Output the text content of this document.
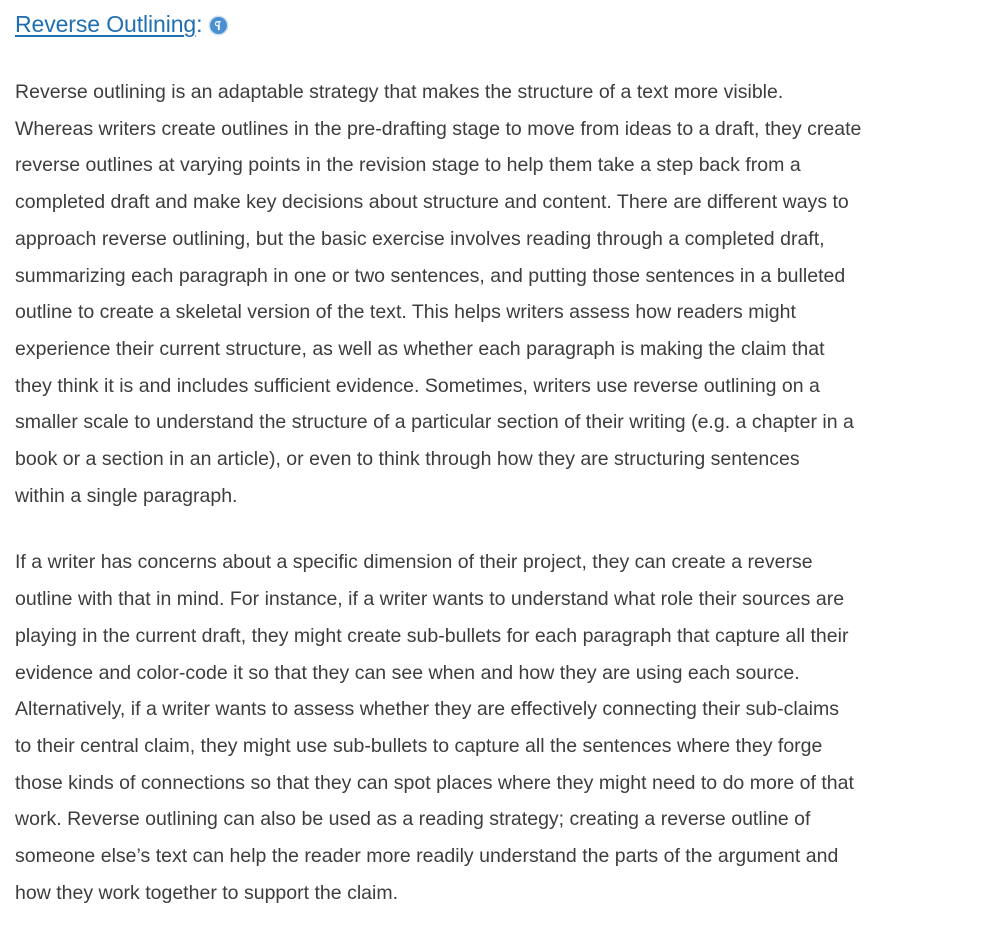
Reverse Outlining :

Reverse outlining is an adaptable strategy that makes the structure of a text more visible.
Whereas writers create outlines in the pre-drafting stage to move from ideas to a draft, they create
reverse outlines at varying points in the revision stage to help them take a step back from a
completed draft and make key decisions about structure and content. There are different ways to
approach reverse outlining, but the basic exercise involves reading through a completed draft,
summarizing each paragraph in one or two sentences, and putting those sentences in a bulleted
outline to create a skeletal version of the text. This helps writers assess how readers might
experience their current structure, as well as whether each paragraph is making the claim that
they think it is and includes sufficient evidence. Sometimes, writers use reverse outlining on a
smaller scale to understand the structure of a particular section of their writing (e.g. a chapter in a
book or a section in an article), or even to think through how they are structuring sentences
within a single paragraph.

If a writer has concerns about a specific dimension of their project, they can create a reverse
outline with that in mind. For instance, if a writer wants to understand what role their sources are
playing in the current draft, they might create sub-bullets for each paragraph that capture all their
evidence and color-code it so that they can see when and how they are using each source.
Alternatively, if a writer wants to assess whether they are effectively connecting their sub-claims
to their central claim, they might use sub-bullets to capture all the sentences where they forge
those kinds of connections so that they can spot places where they might need to do more of that
work. Reverse outlining can also be used as a reading strategy; creating a reverse outline of
someone else’s text can help the reader more readily understand the parts of the argument and
how they work together to support the claim.
